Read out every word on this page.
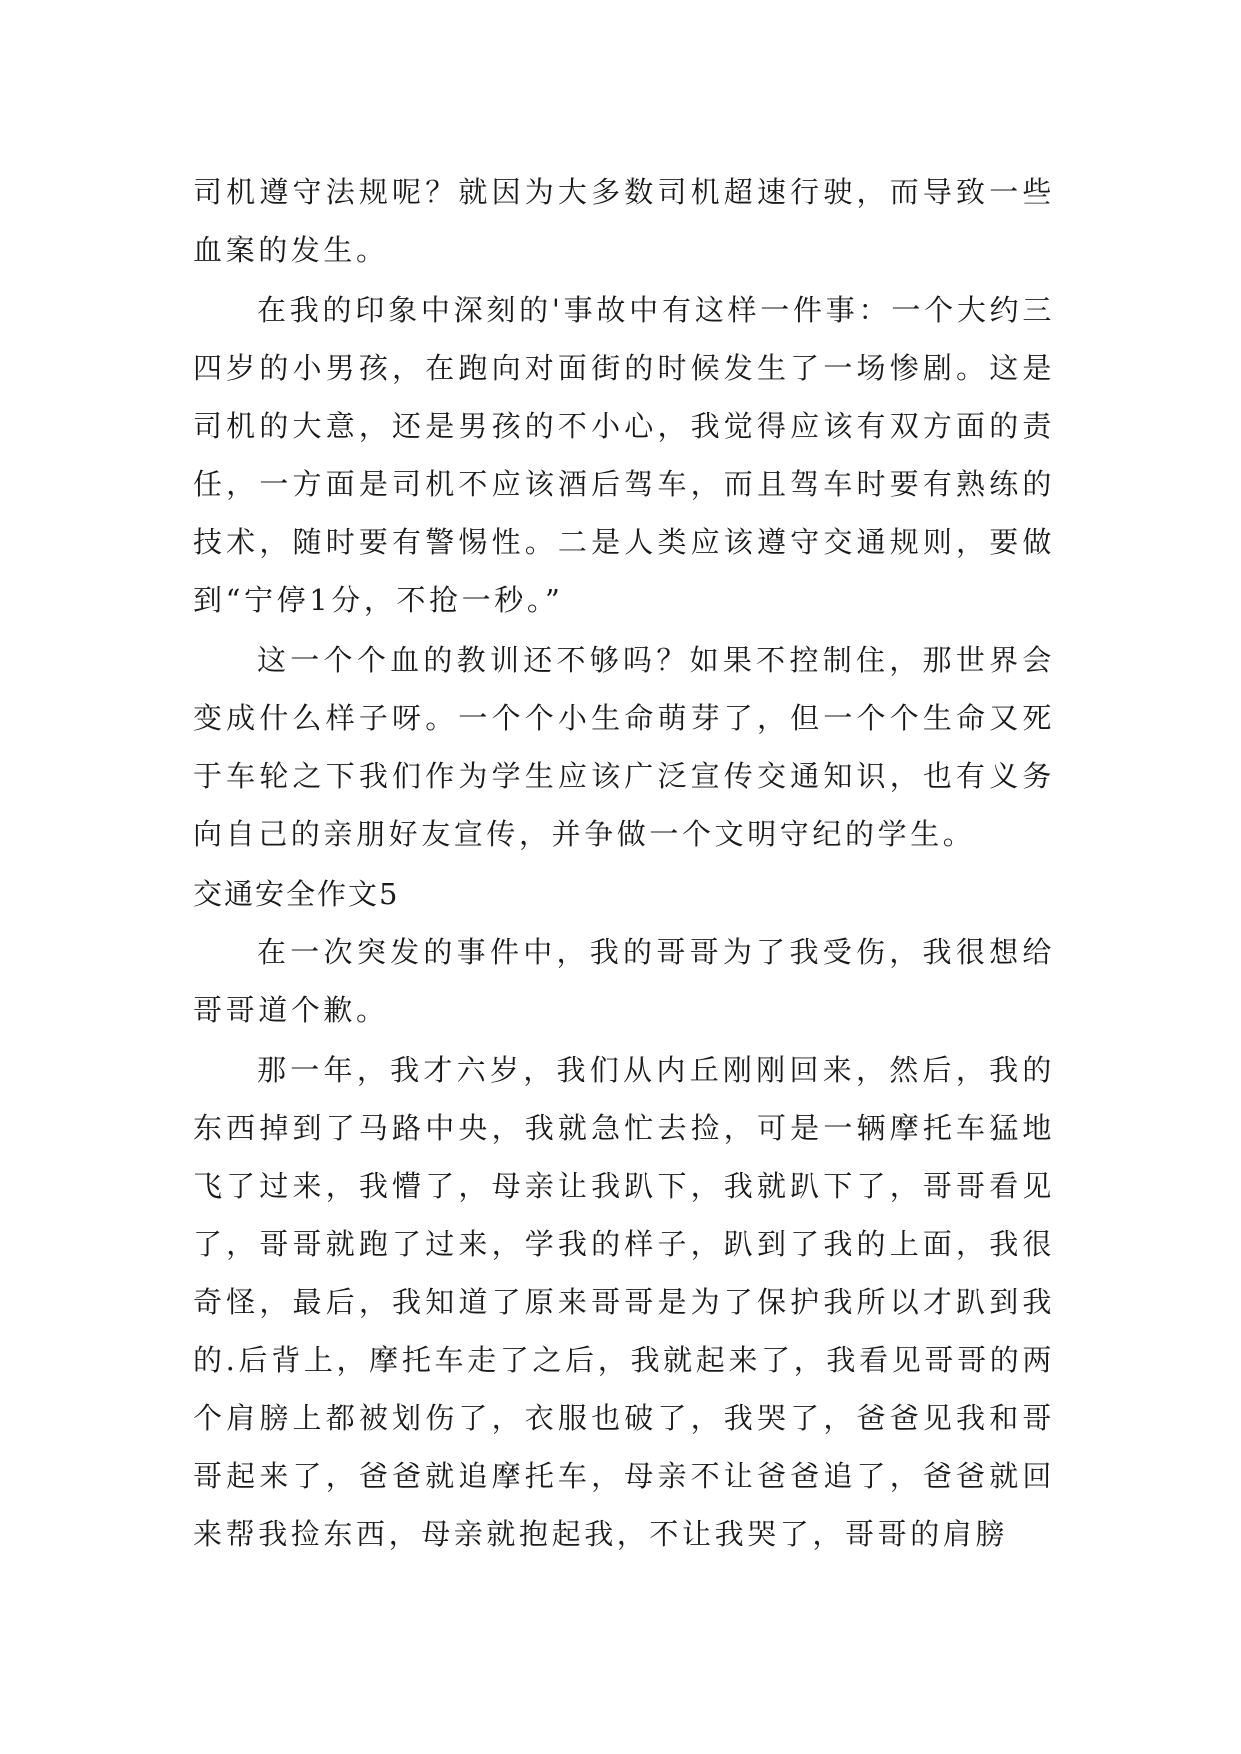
司机遵守法规呢？就因为大多数司机超速行驶，而导致一些血案的发生。

在我的印象中深刻的'事故中有这样一件事：一个大约三四岁的小男孩，在跑向对面街的时候发生了一场惨剧。这是司机的大意，还是男孩的不小心，我觉得应该有双方面的责任，一方面是司机不应该酒后驾车，而且驾车时要有熟练的技术，随时要有警惕性。二是人类应该遵守交通规则，要做到“宁停1分，不抢一秒。”

这一个个血的教训还不够吗？如果不控制住，那世界会变成什么样子呀。一个个小生命萌芽了，但一个个生命又死于车轮之下我们作为学生应该广泛宣传交通知识，也有义务向自己的亲朋好友宣传，并争做一个文明守纪的学生。

交通安全作文5

在一次突发的事件中，我的哥哥为了我受伤，我很想给哥哥道个歉。

那一年，我才六岁，我们从内丘刚刚回来，然后，我的东西掉到了马路中央，我就急忙去捡，可是一辆摩托车猛地飞了过来，我懵了，母亲让我趴下，我就趴下了，哥哥看见了，哥哥就跑了过来，学我的样子，趴到了我的上面，我很奇怪，最后，我知道了原来哥哥是为了保护我所以才趴到我的.后背上，摩托车走了之后，我就起来了，我看见哥哥的两个肩膀上都被划伤了，衣服也破了，我哭了，爸爸见我和哥哥起来了，爸爸就追摩托车，母亲不让爸爸追了，爸爸就回来帮我捡东西，母亲就抱起我，不让我哭了，哥哥的肩膀
